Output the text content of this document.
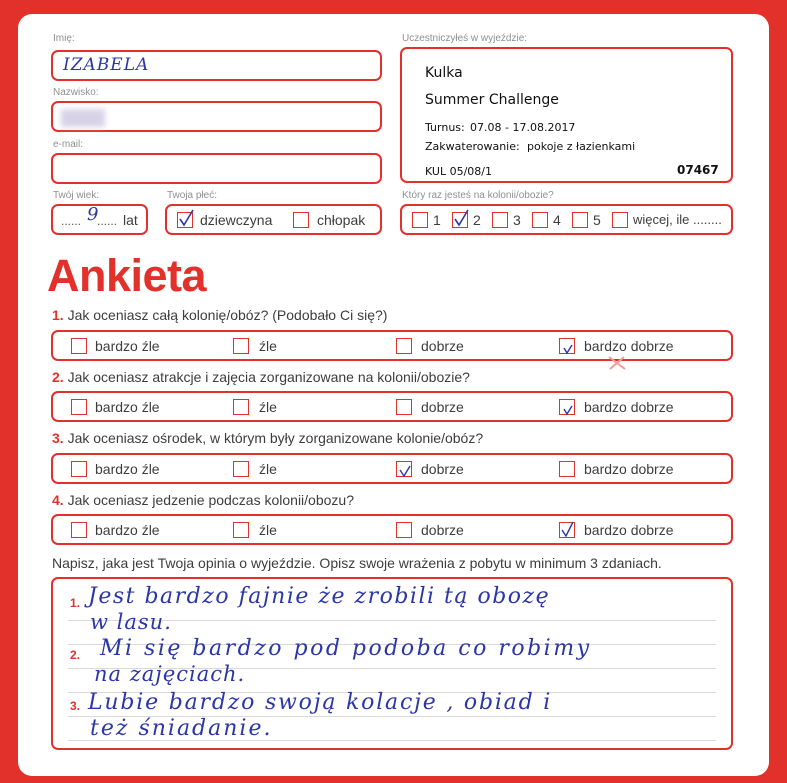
Imię:
IZABELA
Nazwisko:
e-mail:
Twój wiek:
...... 9
...... lat
Twoja płeć:
dziewczyna	chłopak
Uczestniczyłeś w wyjeździe:
Kulka
Summer Challenge
Turnus: 07.08 - 17.08.2017
Zakwaterowanie: pokoje z łazienkami
KUL 05/08/1	07467
Który raz jesteś na kolonii/obozie?
1 2 3 4 5 więcej, ile ........
Ankieta
1. Jak oceniasz całą kolonię/obóz? (Podobało Ci się?)
bardzo źle	źle	dobrze	bardzo dobrze
2. Jak oceniasz atrakcje i zajęcia zorganizowane na kolonii/obozie?
bardzo źle	źle	dobrze	bardzo dobrze
3. Jak oceniasz ośrodek, w którym były zorganizowane kolonie/obóz?
bardzo źle	źle	dobrze	bardzo dobrze
4. Jak oceniasz jedzenie podczas kolonii/obozu?
bardzo źle	źle	dobrze	bardzo dobrze
Napisz, jaka jest Twoja opinia o wyjeździe. Opisz swoje wrażenia z pobytu w minimum 3 zdaniach.
1.
2.
3.
Jest bardzo fajnie że zrobili tą obozę
w lasu.
Mi się bardzo pod podoba co robimy
na zajęciach.
Lubie bardzo swoją kolacje , obiad i
też śniadanie.
